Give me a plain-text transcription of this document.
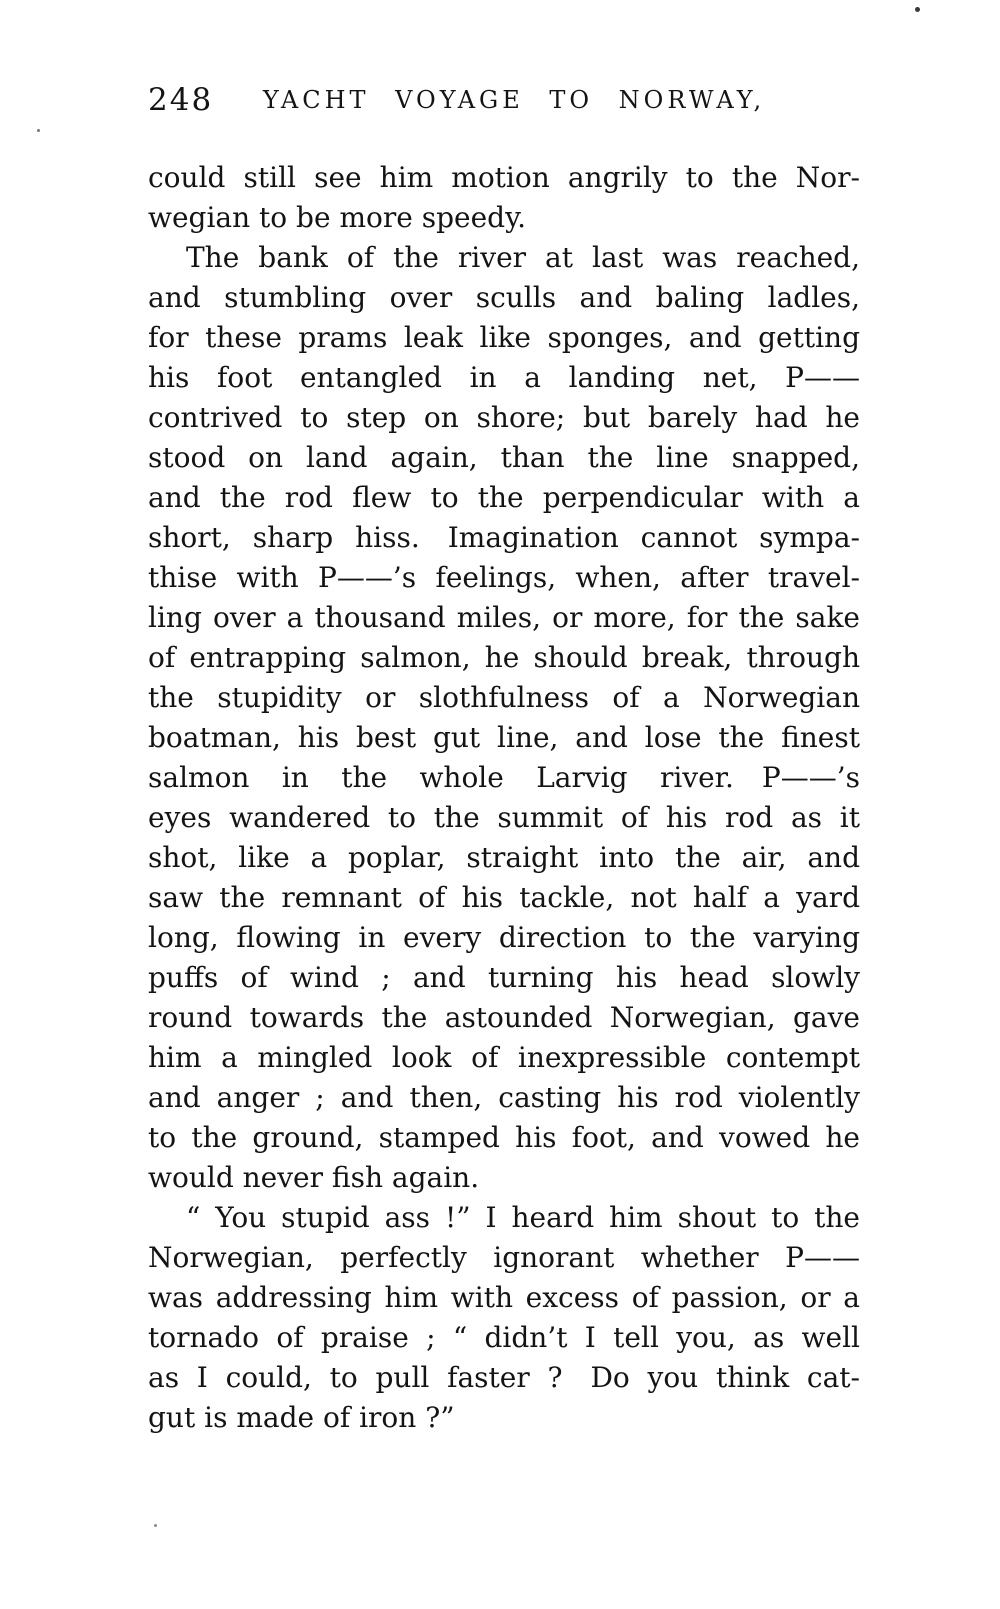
248	YACHT VOYAGE TO NORWAY,
could still see him motion angrily to the Nor-
wegian to be more speedy.
The bank of the river at last was reached,
and stumbling over sculls and baling ladles,
for these prams leak like sponges, and getting
his foot entangled in a landing net, P——
contrived to step on shore; but barely had he
stood on land again, than the line snapped,
and the rod flew to the perpendicular with a
short, sharp hiss. Imagination cannot sympa-
thise with P——’s feelings, when, after travel-
ling over a thousand miles, or more, for the sake
of entrapping salmon, he should break, through
the stupidity or slothfulness of a Norwegian
boatman, his best gut line, and lose the finest
salmon in the whole Larvig river. P——’s
eyes wandered to the summit of his rod as it
shot, like a poplar, straight into the air, and
saw the remnant of his tackle, not half a yard
long, flowing in every direction to the varying
puffs of wind ; and turning his head slowly
round towards the astounded Norwegian, gave
him a mingled look of inexpressible contempt
and anger ; and then, casting his rod violently
to the ground, stamped his foot, and vowed he
would never fish again.
“ You stupid ass !” I heard him shout to the
Norwegian, perfectly ignorant whether P——
was addressing him with excess of passion, or a
tornado of praise ; “ didn’t I tell you, as well
as I could, to pull faster ? Do you think cat-
gut is made of iron ?”
